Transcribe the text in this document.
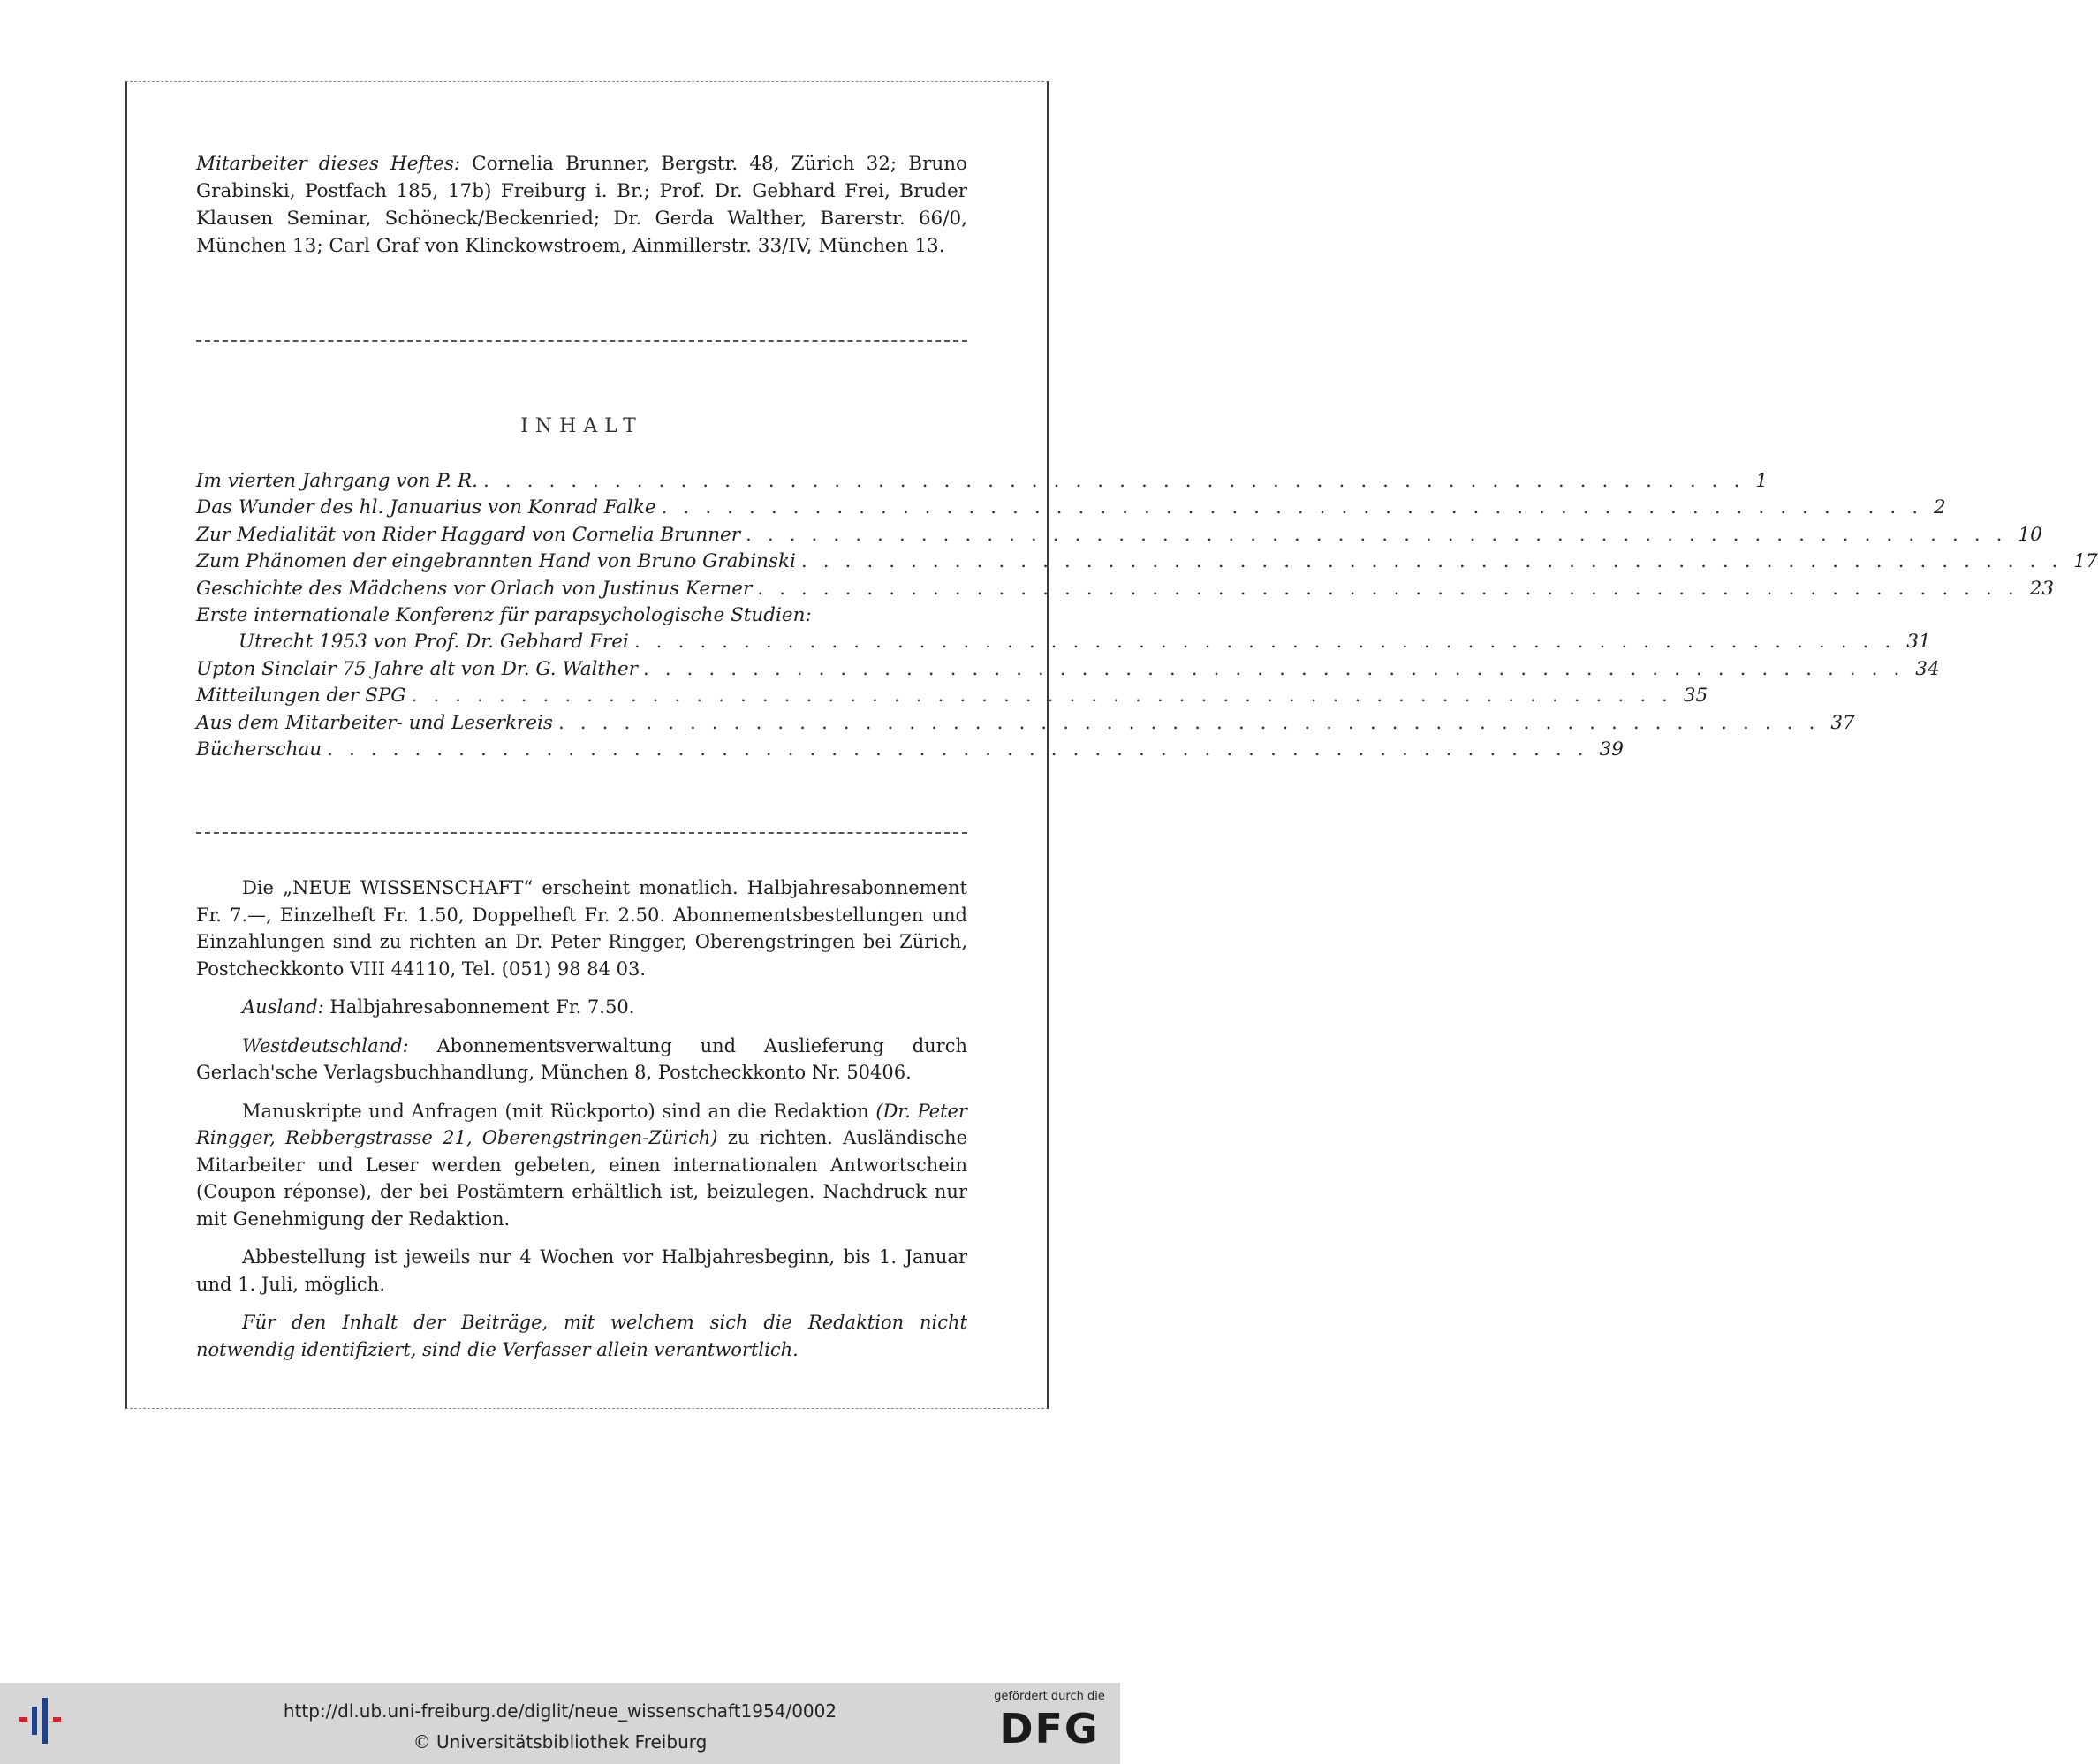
Mitarbeiter dieses Heftes: Cornelia Brunner, Bergstr. 48, Zürich 32; Bruno Grabinski, Postfach 185, 17b) Freiburg i. Br.; Prof. Dr. Gebhard Frei, Bruder Klausen Seminar, Schöneck/Beckenried; Dr. Gerda Walther, Barerstr. 66/0, München 13; Carl Graf von Klinckowstroem, Ainmillerstr. 33/IV, München 13.
INHALT
Im vierten Jahrgang von P. R. .......................................................... 1
Das Wunder des hl. Januarius von Konrad Falke .......................................................... 2
Zur Medialität von Rider Haggard von Cornelia Brunner .......................................................... 10
Zum Phänomen der eingebrannten Hand von Bruno Grabinski .......................................................... 17
Geschichte des Mädchens vor Orlach von Justinus Kerner .......................................................... 23
Erste internationale Konferenz für parapsychologische Studien:
Utrecht 1953 von Prof. Dr. Gebhard Frei .......................................................... 31
Upton Sinclair 75 Jahre alt von Dr. G. Walther .......................................................... 34
Mitteilungen der SPG .......................................................... 35
Aus dem Mitarbeiter- und Leserkreis .......................................................... 37
Bücherschau .......................................................... 39

Die „NEUE WISSENSCHAFT“ erscheint monatlich. Halbjahresabonnement Fr. 7.—, Einzelheft Fr. 1.50, Doppelheft Fr. 2.50. Abonnementsbestellungen und Einzahlungen sind zu richten an Dr. Peter Ringger, Oberengstringen bei Zürich, Postcheckkonto VIII 44110, Tel. (051) 98 84 03.

Ausland: Halbjahresabonnement Fr. 7.50.

Westdeutschland: Abonnementsverwaltung und Auslieferung durch Gerlach'sche Verlagsbuchhandlung, München 8, Postcheckkonto Nr. 50406.

Manuskripte und Anfragen (mit Rückporto) sind an die Redaktion (Dr. Peter Ringger, Rebbergstrasse 21, Oberengstringen-Zürich) zu richten. Ausländische Mitarbeiter und Leser werden gebeten, einen internationalen Antwortschein (Coupon réponse), der bei Postämtern erhältlich ist, beizulegen. Nachdruck nur mit Genehmigung der Redaktion.

Abbestellung ist jeweils nur 4 Wochen vor Halbjahresbeginn, bis 1. Januar und 1. Juli, möglich.

Für den Inhalt der Beiträge, mit welchem sich die Redaktion nicht notwendig identifiziert, sind die Verfasser allein verantwortlich.

http://dl.ub.uni-freiburg.de/diglit/neue_wissenschaft1954/0002
© Universitätsbibliothek Freiburg
gefördert durch die
DFG
